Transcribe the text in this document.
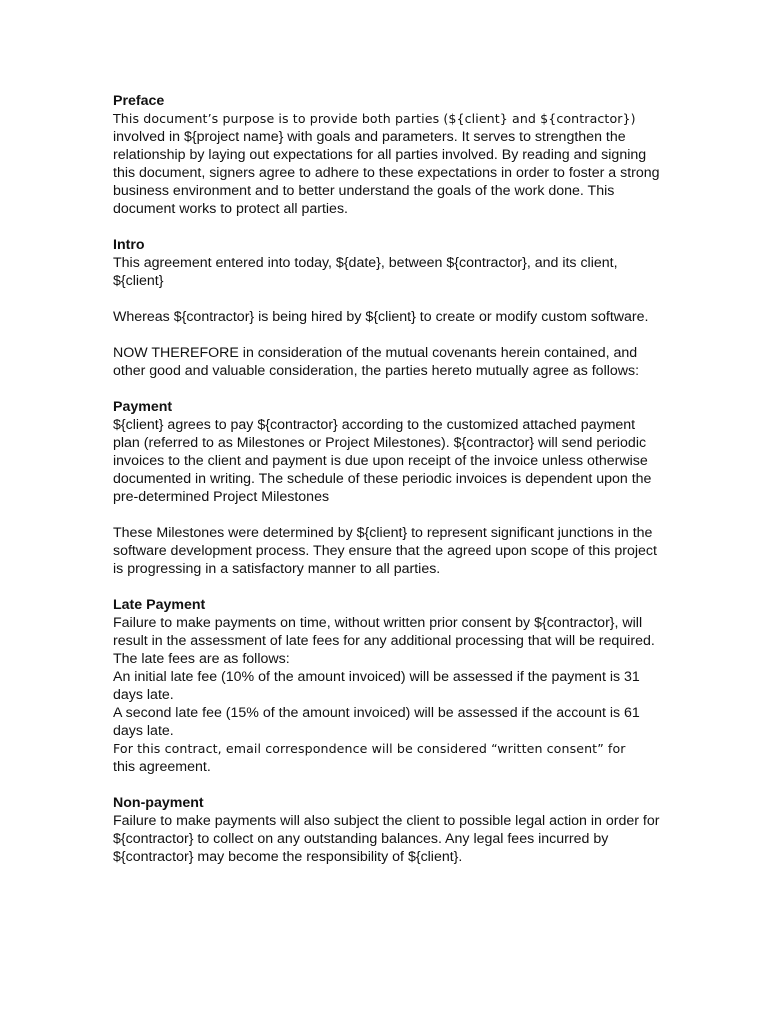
Preface

This document’s purpose is to provide both parties (${client} and ${contractor}) involved in ${project name} with goals and parameters. It serves to strengthen the relationship by laying out expectations for all parties involved. By reading and signing this document, signers agree to adhere to these expectations in order to foster a strong business environment and to better understand the goals of the work done. This document works to protect all parties.

Intro

This agreement entered into today, ${date}, between ${contractor}, and its client, ${client}

Whereas ${contractor} is being hired by ${client} to create or modify custom software.

NOW THEREFORE in consideration of the mutual covenants herein contained, and other good and valuable consideration, the parties hereto mutually agree as follows:

Payment

${client} agrees to pay ${contractor} according to the customized attached payment plan (referred to as Milestones or Project Milestones). ${contractor} will send periodic invoices to the client and payment is due upon receipt of the invoice unless otherwise documented in writing. The schedule of these periodic invoices is dependent upon the pre-determined Project Milestones

These Milestones were determined by ${client} to represent significant junctions in the software development process. They ensure that the agreed upon scope of this project is progressing in a satisfactory manner to all parties.

Late Payment

Failure to make payments on time, without written prior consent by ${contractor}, will result in the assessment of late fees for any additional processing that will be required. The late fees are as follows:

An initial late fee (10% of the amount invoiced) will be assessed if the payment is 31 days late.

A second late fee (15% of the amount invoiced) will be assessed if the account is 61 days late.

For this contract, email correspondence will be considered “written consent” for
this agreement.

Non-payment

Failure to make payments will also subject the client to possible legal action in order for ${contractor} to collect on any outstanding balances. Any legal fees incurred by ${contractor} may become the responsibility of ${client}.
